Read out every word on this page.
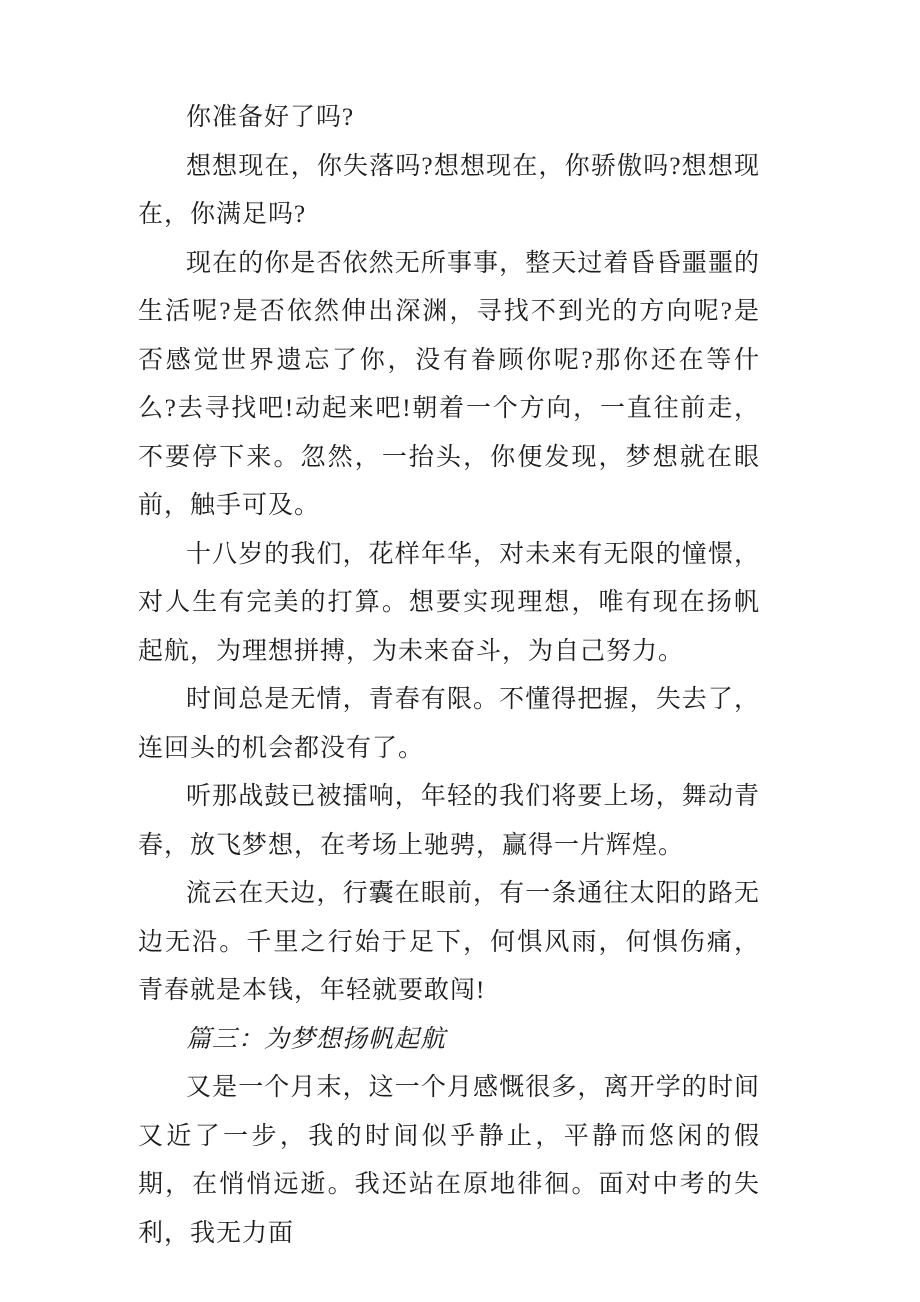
你准备好了吗?

想想现在，你失落吗?想想现在，你骄傲吗?想想现在，你满足吗?

现在的你是否依然无所事事，整天过着昏昏噩噩的生活呢?是否依然伸出深渊，寻找不到光的方向呢?是否感觉世界遗忘了你，没有眷顾你呢?那你还在等什么?去寻找吧!动起来吧!朝着一个方向，一直往前走，不要停下来。忽然，一抬头，你便发现，梦想就在眼前，触手可及。

十八岁的我们，花样年华，对未来有无限的憧憬，对人生有完美的打算。想要实现理想，唯有现在扬帆起航，为理想拼搏，为未来奋斗，为自己努力。

时间总是无情，青春有限。不懂得把握，失去了，连回头的机会都没有了。

听那战鼓已被擂响，年轻的我们将要上场，舞动青春，放飞梦想，在考场上驰骋，赢得一片辉煌。

流云在天边，行囊在眼前，有一条通往太阳的路无边无沿。千里之行始于足下，何惧风雨，何惧伤痛，青春就是本钱，年轻就要敢闯!

篇三：为梦想扬帆起航

又是一个月末，这一个月感慨很多，离开学的时间又近了一步，我的时间似乎静止，平静而悠闲的假期，在悄悄远逝。我还站在原地徘徊。面对中考的失利，我无力面
